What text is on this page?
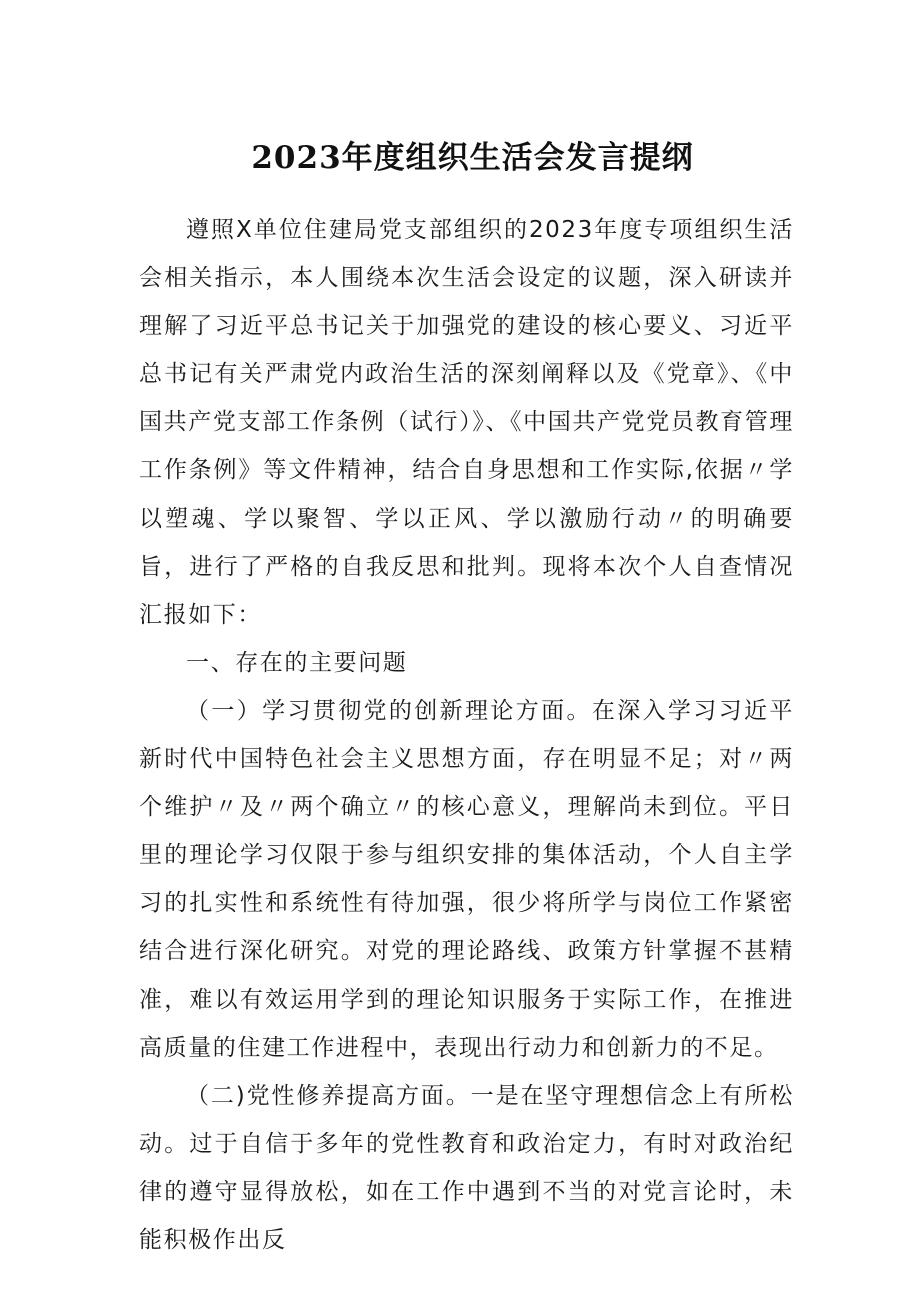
2023年度组织生活会发言提纲

遵照X单位住建局党支部组织的2023年度专项组织生活会相关指示，本人围绕本次生活会设定的议题，深入研读并理解了习近平总书记关于加强党的建设的核心要义、习近平总书记有关严肃党内政治生活的深刻阐释以及《党章》、《中国共产党支部工作条例（试行）》、《中国共产党党员教育管理工作条例》等文件精神，结合自身思想和工作实际,依据〃学以塑魂、学以聚智、学以正风、学以激励行动〃的明确要旨，进行了严格的自我反思和批判。现将本次个人自查情况汇报如下：

一、存在的主要问题

（一）学习贯彻党的创新理论方面。在深入学习习近平新时代中国特色社会主义思想方面，存在明显不足；对〃两个维护〃及〃两个确立〃的核心意义，理解尚未到位。平日里的理论学习仅限于参与组织安排的集体活动，个人自主学习的扎实性和系统性有待加强，很少将所学与岗位工作紧密结合进行深化研究。对党的理论路线、政策方针掌握不甚精准，难以有效运用学到的理论知识服务于实际工作，在推进高质量的住建工作进程中，表现出行动力和创新力的不足。

（二)党性修养提高方面。一是在坚守理想信念上有所松动。过于自信于多年的党性教育和政治定力，有时对政治纪律的遵守显得放松，如在工作中遇到不当的对党言论时，未能积极作出反
